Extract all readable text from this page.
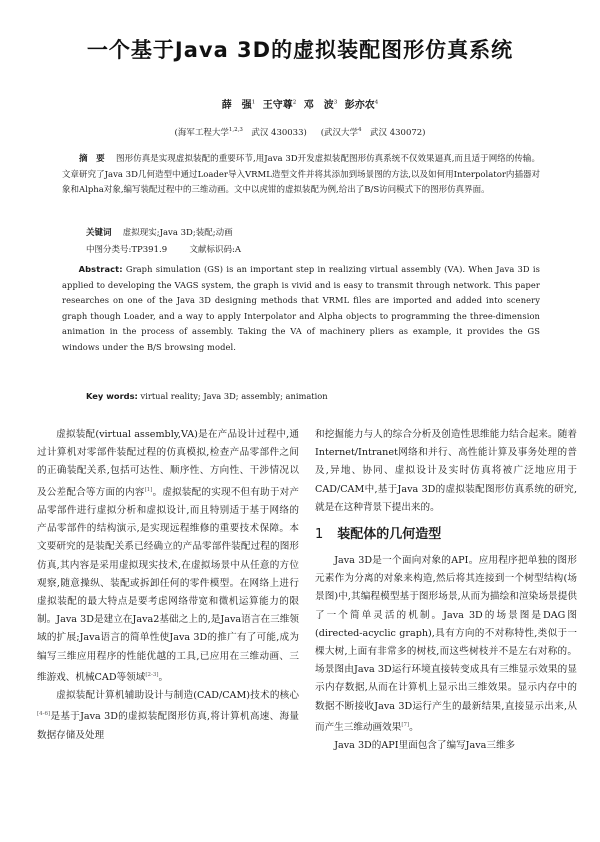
一个基于Java 3D的虚拟装配图形仿真系统
薛　强$^1$ 王守尊$^2$ 邓　波$^3$ 彭亦农$^4$
(海军工程大学$^{1,2,3}$　武汉 430033) 　 (武汉大学$^4$　武汉 430072)
摘　要　 图形仿真是实现虚拟装配的重要环节,用Java 3D开发虚拟装配图形仿真系统不仅效果逼真,而且适于网络的传输。文章研究了Java 3D几何造型中通过Loader导入VRML造型文件并将其添加到场景图的方法,以及如何用Interpolator内插器对象和Alpha对象,编写装配过程中的三维动画。文中以虎钳的虚拟装配为例,给出了B/S访问模式下的图形仿真界面。
关键词　 虚拟现实;Java 3D;装配;动画
中图分类号:TP391.9 　　	文献标识码:A
Abstract: Graph simulation (GS) is an important step in realizing virtual assembly (VA). When Java 3D is applied to developing the VAGS system, the graph is vivid and is easy to transmit through network. This paper researches on one of the Java 3D designing methods that VRML files are imported and added into scenery graph though Loader, and a way to apply Interpolator and Alpha objects to programming the three-dimension animation in the process of assembly. Taking the VA of machinery pliers as example, it provides the GS windows under the B/S browsing model.
Key words: virtual reality; Java 3D; assembly; animation

虚拟装配(virtual assembly,VA)是在产品设计过程中,通过计算机对零部件装配过程的仿真模拟,检查产品零部件之间的正确装配关系,包括可达性、顺序性、方向性、干涉情况以及公差配合等方面的内容[1]。虚拟装配的实现不但有助于对产品零部件进行虚拟分析和虚拟设计,而且特别适于基于网络的产品零部件的结构演示,是实现远程维修的重要技术保障。本文要研究的是装配关系已经确立的产品零部件装配过程的图形仿真,其内容是采用虚拟现实技术,在虚拟场景中从任意的方位观察,随意操纵、装配或拆卸任何的零件模型。在网络上进行虚拟装配的最大特点是要考虑网络带宽和微机运算能力的限制。Java 3D是建立在Java2基础之上的,是Java语言在三维领域的扩展;Java语言的简单性使Java 3D的推广有了可能,成为编写三维应用程序的性能优越的工具,已应用在三维动画、三维游戏、机械CAD等领域[2-3]。

虚拟装配计算机辅助设计与制造(CAD/CAM)技术的核心[4-6]是基于Java 3D的虚拟装配图形仿真,将计算机高速、海量数据存储及处理

和挖掘能力与人的综合分析及创造性思维能力结合起来。随着Internet/Intranet网络和并行、高性能计算及事务处理的普及,异地、协同、虚拟设计及实时仿真将被广泛地应用于CAD/CAM中,基于Java 3D的虚拟装配图形仿真系统的研究,就是在这种背景下提出来的。

1 装配体的几何造型

Java 3D是一个面向对象的API。应用程序把单独的图形元素作为分离的对象来构造,然后将其连接到一个树型结构(场景图)中,其编程模型基于图形场景,从而为描绘和渲染场景提供了一个简单灵活的机制。Java 3D的场景图是DAG图(directed-acyclic graph),具有方向的不对称特性,类似于一棵大树,上面有非常多的树枝,而这些树枝并不是左右对称的。场景图由Java 3D运行环境直接转变成具有三维显示效果的显示内存数据,从而在计算机上显示出三维效果。显示内存中的数据不断接收Java 3D运行产生的最新结果,直接显示出来,从而产生三维动画效果[7]。

Java 3D的API里面包含了编写Java三维多
